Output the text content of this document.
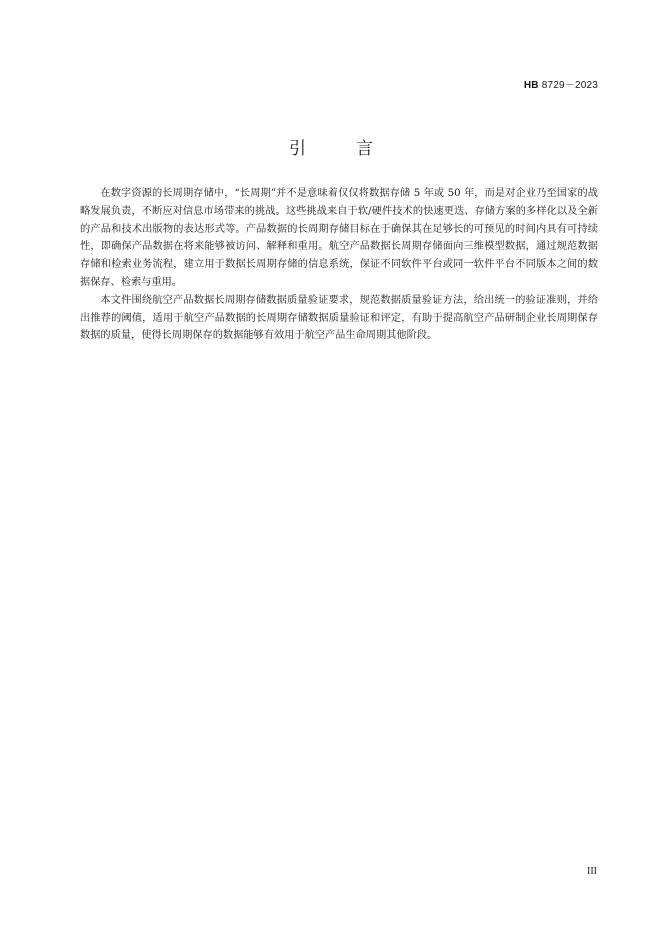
HB 8729－2023
引	言

在数字资源的长周期存储中，“长周期”并不是意味着仅仅将数据存储 5 年或 50 年，而是对企业乃至国家的战略发展负责，不断应对信息市场带来的挑战。这些挑战来自于软/硬件技术的快速更迭、存储方案的多样化以及全新的产品和技术出版物的表达形式等。产品数据的长周期存储目标在于确保其在足够长的可预见的时间内具有可持续性，即确保产品数据在将来能够被访问、解释和重用。航空产品数据长周期存储面向三维模型数据，通过规范数据存储和检索业务流程，建立用于数据长周期存储的信息系统，保证不同软件平台或同一软件平台不同版本之间的数据保存、检索与重用。

本文件围绕航空产品数据长周期存储数据质量验证要求，规范数据质量验证方法，给出统一的验证准则，并给出推荐的阈值，适用于航空产品数据的长周期存储数据质量验证和评定，有助于提高航空产品研制企业长周期保存数据的质量，使得长周期保存的数据能够有效用于航空产品生命周期其他阶段。

III
